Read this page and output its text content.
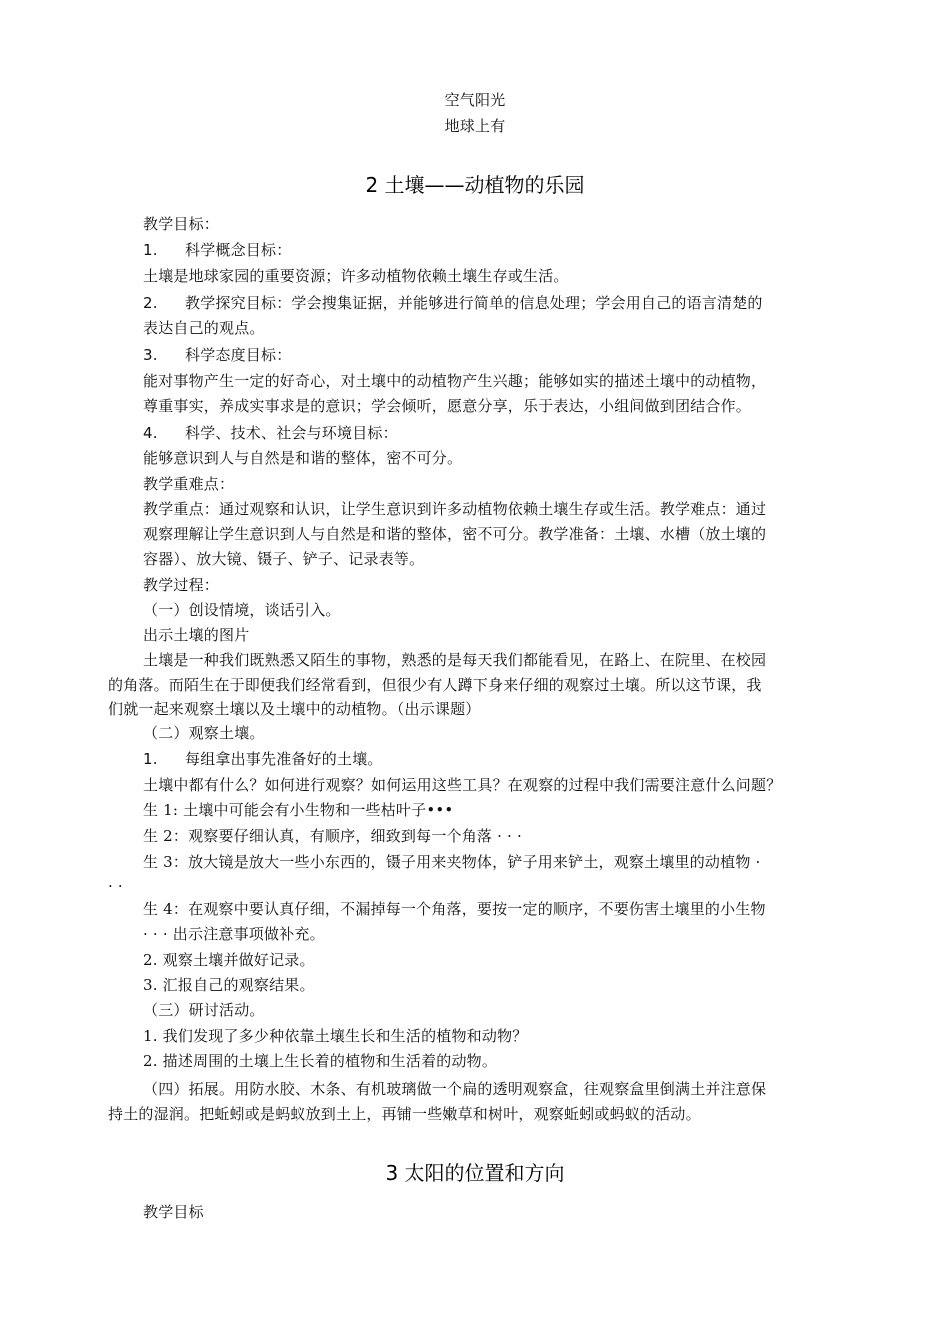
空气阳光
地球上有
2 土壤——动植物的乐园
教学目标：
1. 科学概念目标：
土壤是地球家园的重要资源；许多动植物依赖土壤生存或生活。
2. 教学探究目标：学会搜集证据，并能够进行简单的信息处理；学会用自己的语言清楚的
表达自己的观点。
3. 科学态度目标：
能对事物产生一定的好奇心，对土壤中的动植物产生兴趣；能够如实的描述土壤中的动植物，
尊重事实，养成实事求是的意识；学会倾听，愿意分享，乐于表达，小组间做到团结合作。
4. 科学、技术、社会与环境目标：
能够意识到人与自然是和谐的整体，密不可分。
教学重难点：
教学重点：通过观察和认识，让学生意识到许多动植物依赖土壤生存或生活。教学难点：通过
观察理解让学生意识到人与自然是和谐的整体，密不可分。教学准备：土壤、水槽（放土壤的
容器）、放大镜、镊子、铲子、记录表等。
教学过程：
（一）创设情境，谈话引入。
出示土壤的图片
土壤是一种我们既熟悉又陌生的事物，熟悉的是每天我们都能看见，在路上、在院里、在校园
的角落。而陌生在于即便我们经常看到，但很少有人蹲下身来仔细的观察过土壤。所以这节课，我
们就一起来观察土壤以及土壤中的动植物。（出示课题）
（二）观察土壤。
1. 每组拿出事先准备好的土壤。
土壤中都有什么？如何进行观察？如何运用这些工具？在观察的过程中我们需要注意什么问题？
生 1: 土壤中可能会有小生物和一些枯叶子•••
生 2：观察要仔细认真，有顺序，细致到每一个角落 · · ·
生 3：放大镜是放大一些小东西的，镊子用来夹物体，铲子用来铲土，观察土壤里的动植物 ·
· ·
生 4：在观察中要认真仔细，不漏掉每一个角落，要按一定的顺序，不要伤害土壤里的小生物
· · · 出示注意事项做补充。
2. 观察土壤并做好记录。
3. 汇报自己的观察结果。
（三）研讨活动。
1. 我们发现了多少种依靠土壤生长和生活的植物和动物？
2. 描述周围的土壤上生长着的植物和生活着的动物。
（四）拓展。用防水胶、木条、有机玻璃做一个扁的透明观察盒，往观察盒里倒满土并注意保
持土的湿润。把蚯蚓或是蚂蚁放到土上，再铺一些嫩草和树叶，观察蚯蚓或蚂蚁的活动。
3 太阳的位置和方向
教学目标
